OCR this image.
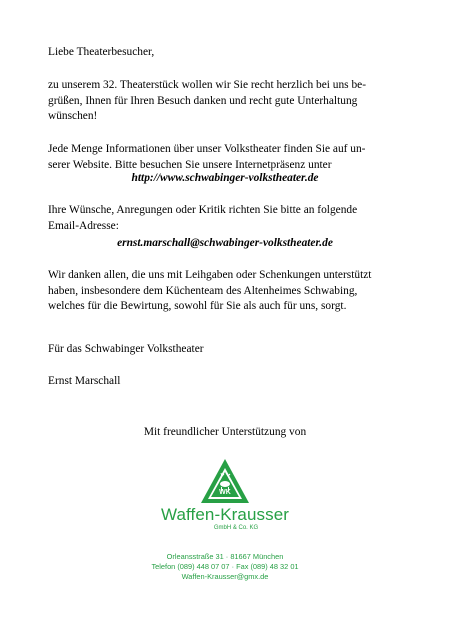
Liebe Theaterbesucher,

zu unserem 32. Theaterstück wollen wir Sie recht herzlich bei uns be-
grüßen, Ihnen für Ihren Besuch danken und recht gute Unterhaltung
wünschen!

Jede Menge Informationen über unser Volkstheater finden Sie auf un-
serer Website. Bitte besuchen Sie unsere Internetpräsenz unter

http://www.schwabinger-volkstheater.de

Ihre Wünsche, Anregungen oder Kritik richten Sie bitte an folgende
Email-Adresse:

ernst.marschall@schwabinger-volkstheater.de

Wir danken allen, die uns mit Leihgaben oder Schenkungen unterstützt
haben, insbesondere dem Küchenteam des Altenheimes Schwabing,
welches für die Bewirtung, sowohl für Sie als auch für uns, sorgt.

Für das Schwabinger Volkstheater

Ernst Marschall

Mit freundlicher Unterstützung von

WK
Waffen-Krausser
GmbH & Co. KG
Orleansstraße 31 · 81667 München
Telefon (089) 448 07 07 · Fax (089) 48 32 01
Waffen-Krausser@gmx.de
